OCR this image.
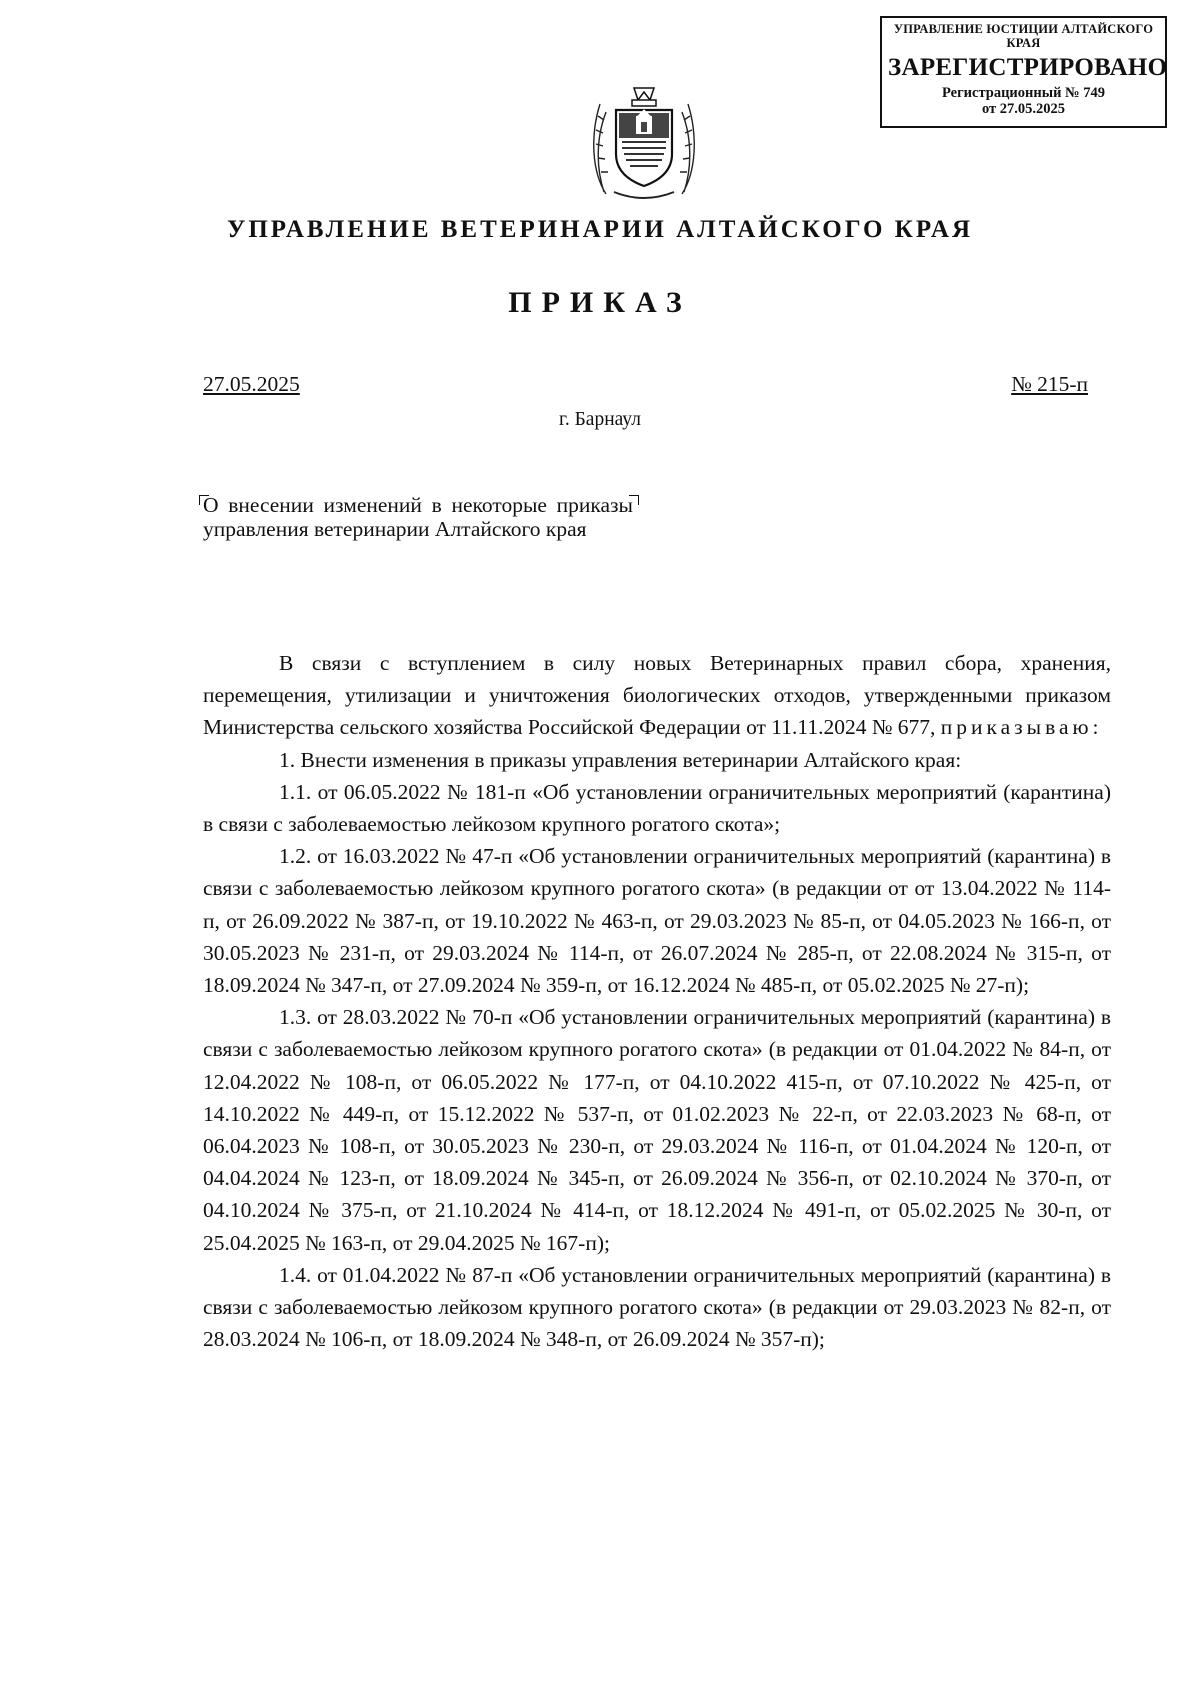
УПРАВЛЕНИЕ ЮСТИЦИИ АЛТАЙСКОГО КРАЯ
ЗАРЕГИСТРИРОВАНО
Регистрационный № 749
от 27.05.2025
УПРАВЛЕНИЕ ВЕТЕРИНАРИИ АЛТАЙСКОГО КРАЯ
ПРИКАЗ
27.05.2025	№ 215-п
г. Барнаул
О внесении изменений в некоторые приказы управления ветеринарии Алтайского края

В связи с вступлением в силу новых Ветеринарных правил сбора, хранения, перемещения, утилизации и уничтожения биологических отходов, утвержденными приказом Министерства сельского хозяйства Российской Федерации от 11.11.2024 № 677, приказываю:

1. Внести изменения в приказы управления ветеринарии Алтайского края:

1.1. от 06.05.2022 № 181-п «Об установлении ограничительных мероприятий (карантина) в связи с заболеваемостью лейкозом крупного рогатого скота»;

1.2. от 16.03.2022 № 47-п «Об установлении ограничительных мероприятий (карантина) в связи с заболеваемостью лейкозом крупного рогатого скота» (в редакции от от 13.04.2022 № 114-п, от 26.09.2022 № 387-п, от 19.10.2022 № 463-п, от 29.03.2023 № 85-п, от 04.05.2023 № 166-п, от 30.05.2023 № 231-п, от 29.03.2024 № 114-п, от 26.07.2024 № 285-п, от 22.08.2024 № 315-п, от 18.09.2024 № 347-п, от 27.09.2024 № 359-п, от 16.12.2024 № 485-п, от 05.02.2025 № 27-п);

1.3. от 28.03.2022 № 70-п «Об установлении ограничительных мероприятий (карантина) в связи с заболеваемостью лейкозом крупного рогатого скота» (в редакции от 01.04.2022 № 84-п, от 12.04.2022 № 108-п, от 06.05.2022 № 177-п, от 04.10.2022 415-п, от 07.10.2022 № 425-п, от 14.10.2022 № 449-п, от 15.12.2022 № 537-п, от 01.02.2023 № 22-п, от 22.03.2023 № 68-п, от 06.04.2023 № 108-п, от 30.05.2023 № 230-п, от 29.03.2024 № 116-п, от 01.04.2024 № 120-п, от 04.04.2024 № 123-п, от 18.09.2024 № 345-п, от 26.09.2024 № 356-п, от 02.10.2024 № 370-п, от 04.10.2024 № 375-п, от 21.10.2024 № 414-п, от 18.12.2024 № 491-п, от 05.02.2025 № 30-п, от 25.04.2025 № 163-п, от 29.04.2025 № 167-п);

1.4. от 01.04.2022 № 87-п «Об установлении ограничительных мероприятий (карантина) в связи с заболеваемостью лейкозом крупного рогатого скота» (в редакции от 29.03.2023 № 82-п, от 28.03.2024 № 106-п, от 18.09.2024 № 348-п, от 26.09.2024 № 357-п);
